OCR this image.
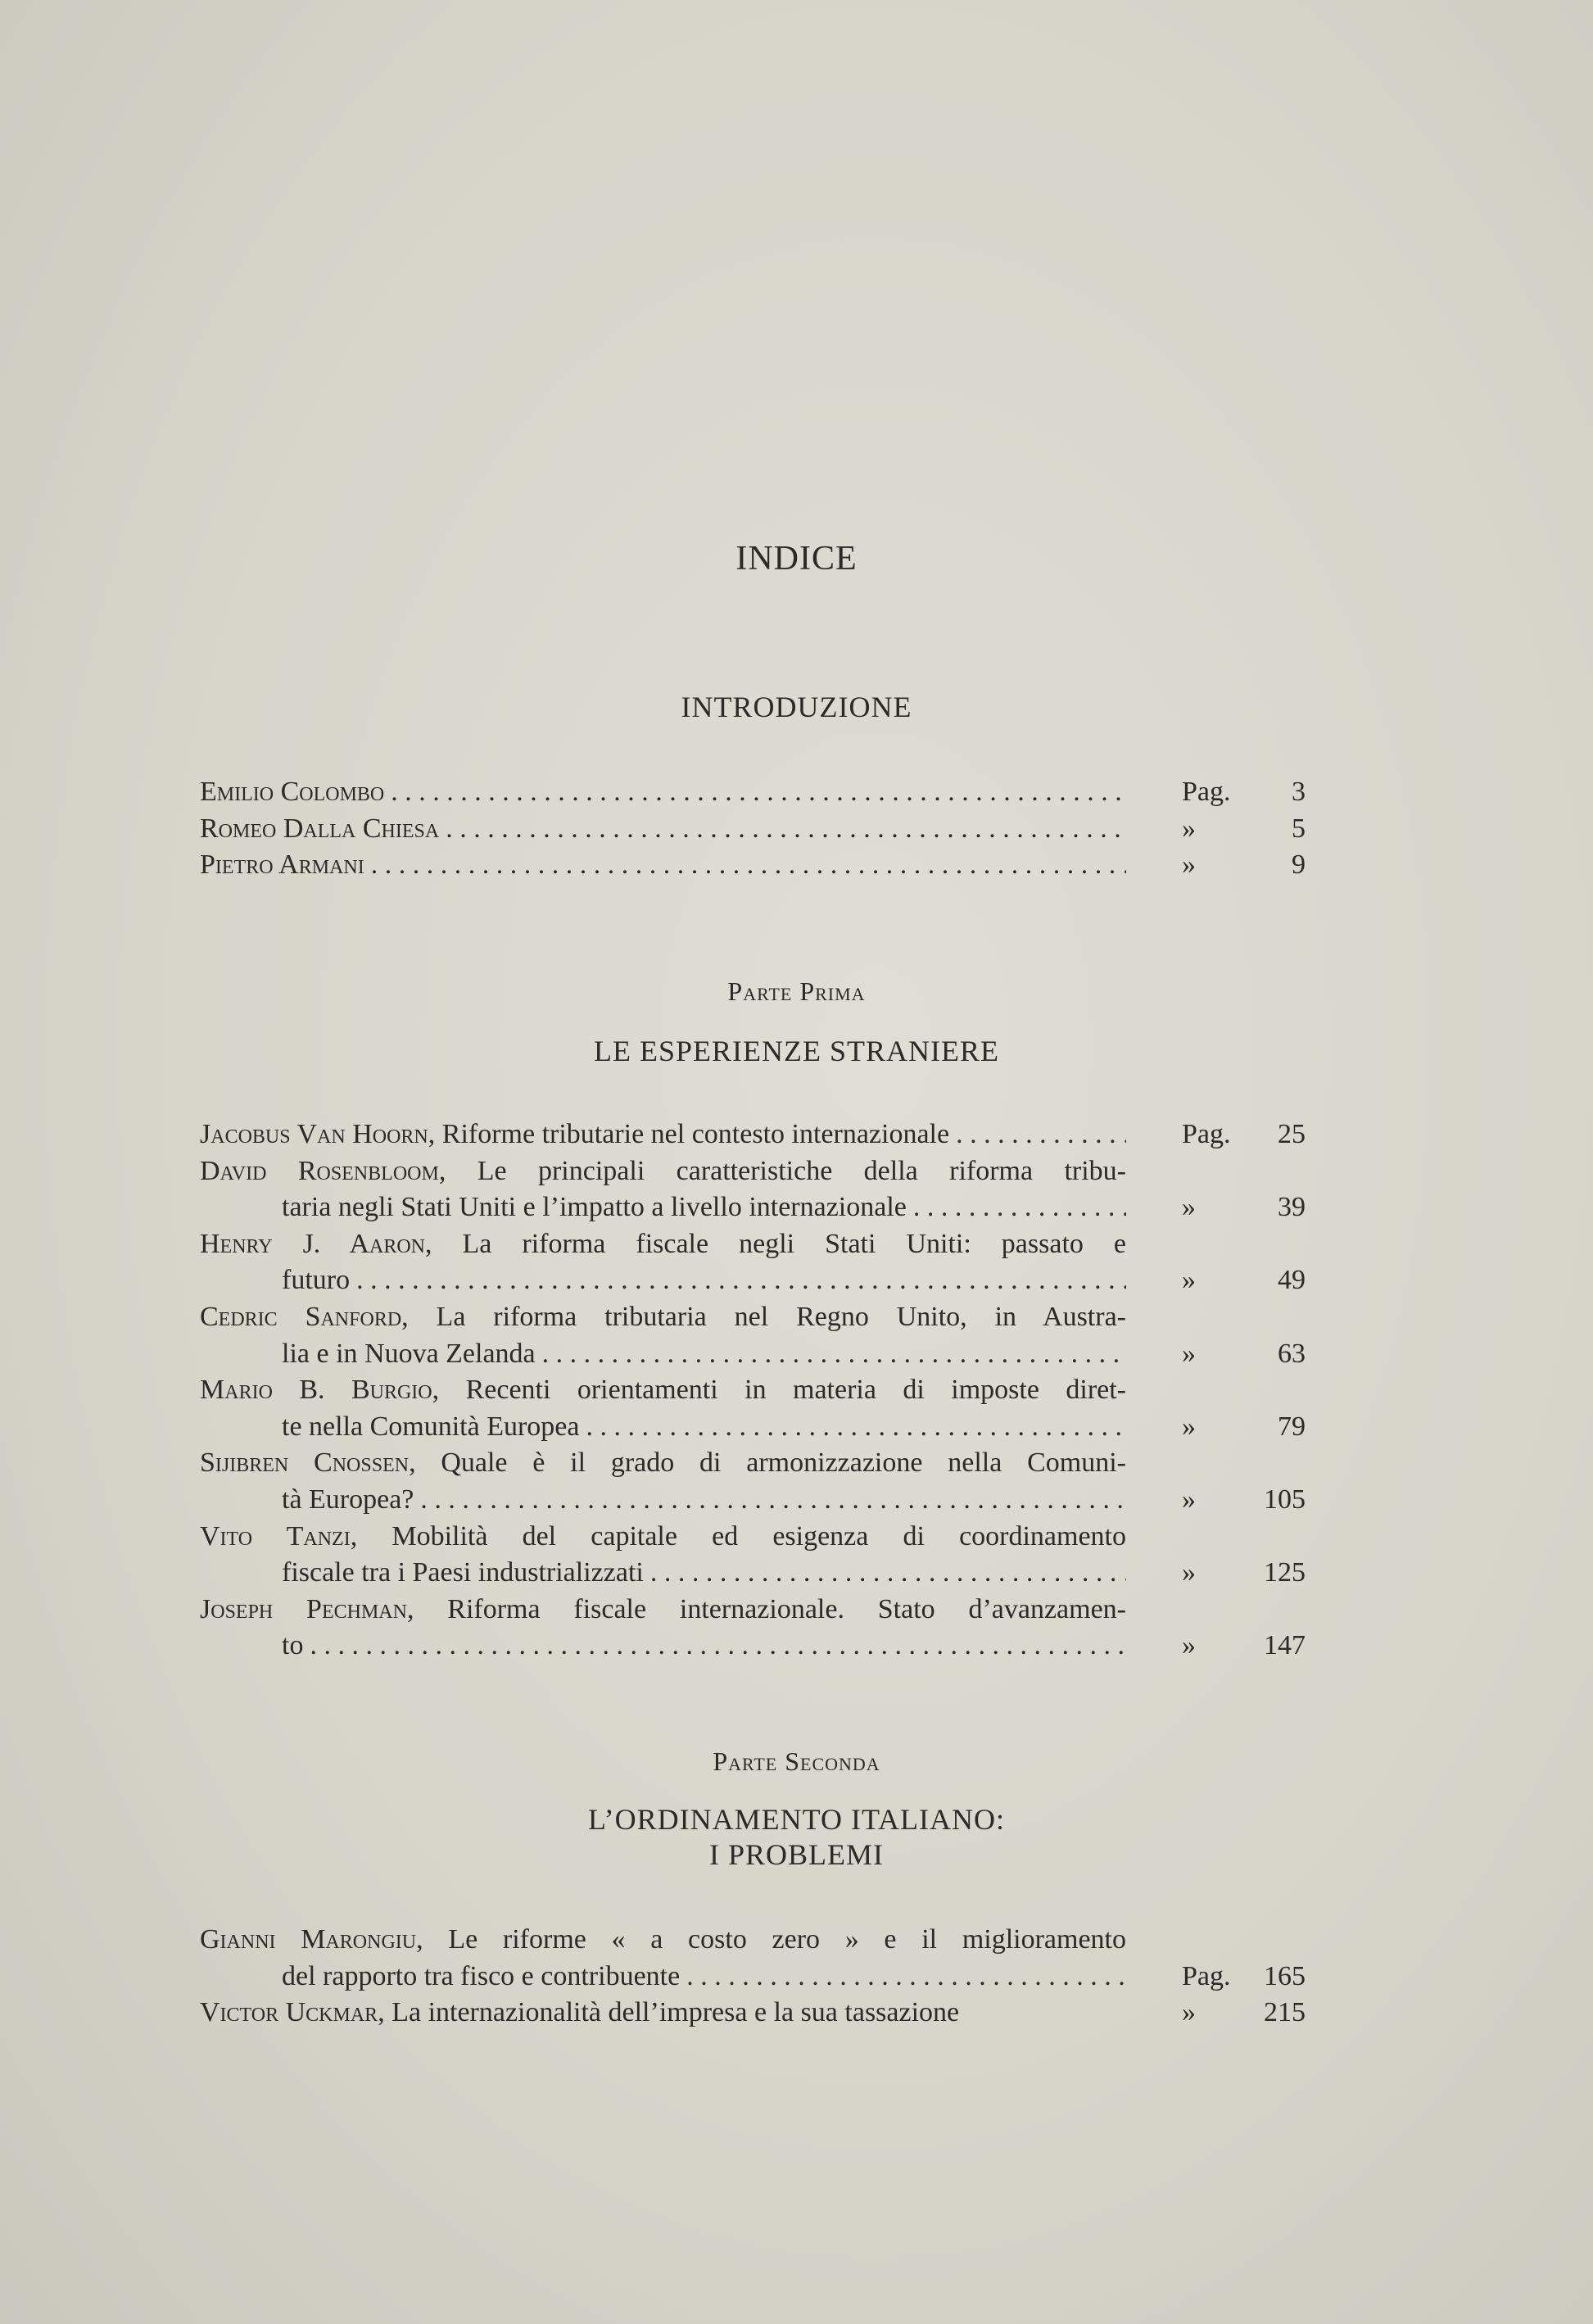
INDICE
INTRODUZIONE
Emilio Colombo . . .	Pag. 3
Romeo Dalla Chiesa . . .	»	5
Pietro Armani . . .	»	9
Parte Prima
LE ESPERIENZE STRANIERE
Jacobus Van Hoorn, Riforme tributarie nel contesto internazionale . . .	Pag. 25
David Rosenbloom, Le principali caratteristiche della riforma tribu-
taria negli Stati Uniti e l’impatto a livello internazionale . . .	»	39
Henry J. Aaron, La riforma fiscale negli Stati Uniti: passato e
futuro . . .	»	49
Cedric Sanford, La riforma tributaria nel Regno Unito, in Austra-
lia e in Nuova Zelanda . . .	»	63
Mario B. Burgio, Recenti orientamenti in materia di imposte diret-
te nella Comunità Europea . . .	»	79
Sijibren Cnossen, Quale è il grado di armonizzazione nella Comuni-
tà Europea? . . .	»	105
Vito Tanzi, Mobilità del capitale ed esigenza di coordinamento
fiscale tra i Paesi industrializzati . . .	»	125
Joseph Pechman, Riforma fiscale internazionale. Stato d’avanzamen-
to . . .	»	147
Parte Seconda
L’ORDINAMENTO ITALIANO:
I PROBLEMI
Gianni Marongiu, Le riforme « a costo zero » e il miglioramento
del rapporto tra fisco e contribuente . . .	Pag. 165
Victor Uckmar, La internazionalità dell’impresa e la sua tassazione	»	215
